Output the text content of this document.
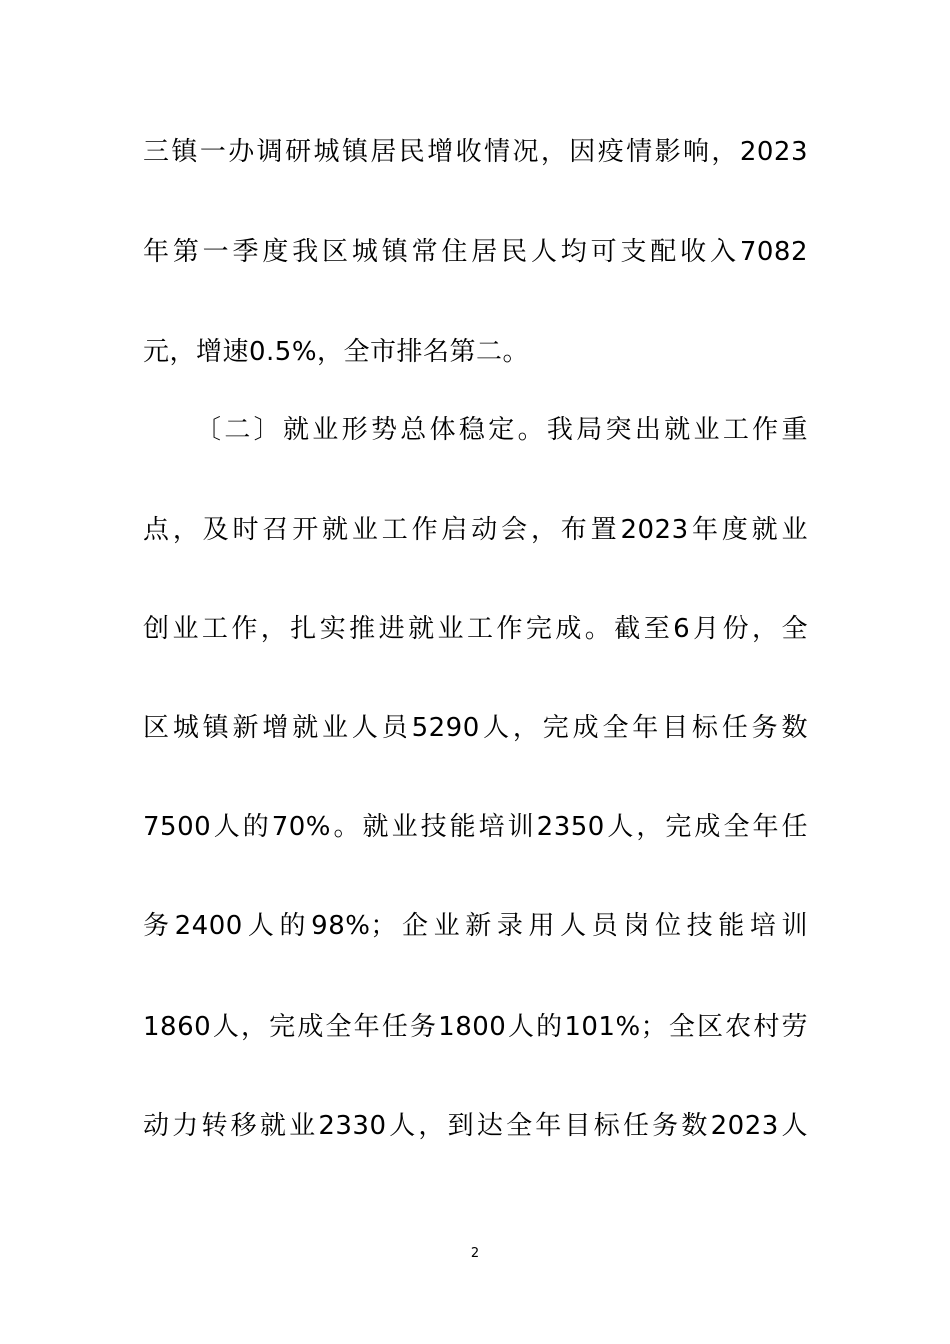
三镇一办调研城镇居民增收情况，因疫情影响，2023
年第一季度我区城镇常住居民人均可支配收入7082
元，增速0.5%，全市排名第二。
〔二〕就业形势总体稳定。我局突出就业工作重
点，及时召开就业工作启动会，布置2023年度就业
创业工作，扎实推进就业工作完成。截至6月份，全
区城镇新增就业人员5290人，完成全年目标任务数
7500人的70%。就业技能培训2350人，完成全年任
务2400人的98%；企业新录用人员岗位技能培训
1860人，完成全年任务1800人的101%；全区农村劳
动力转移就业2330人，到达全年目标任务数2023人
2
